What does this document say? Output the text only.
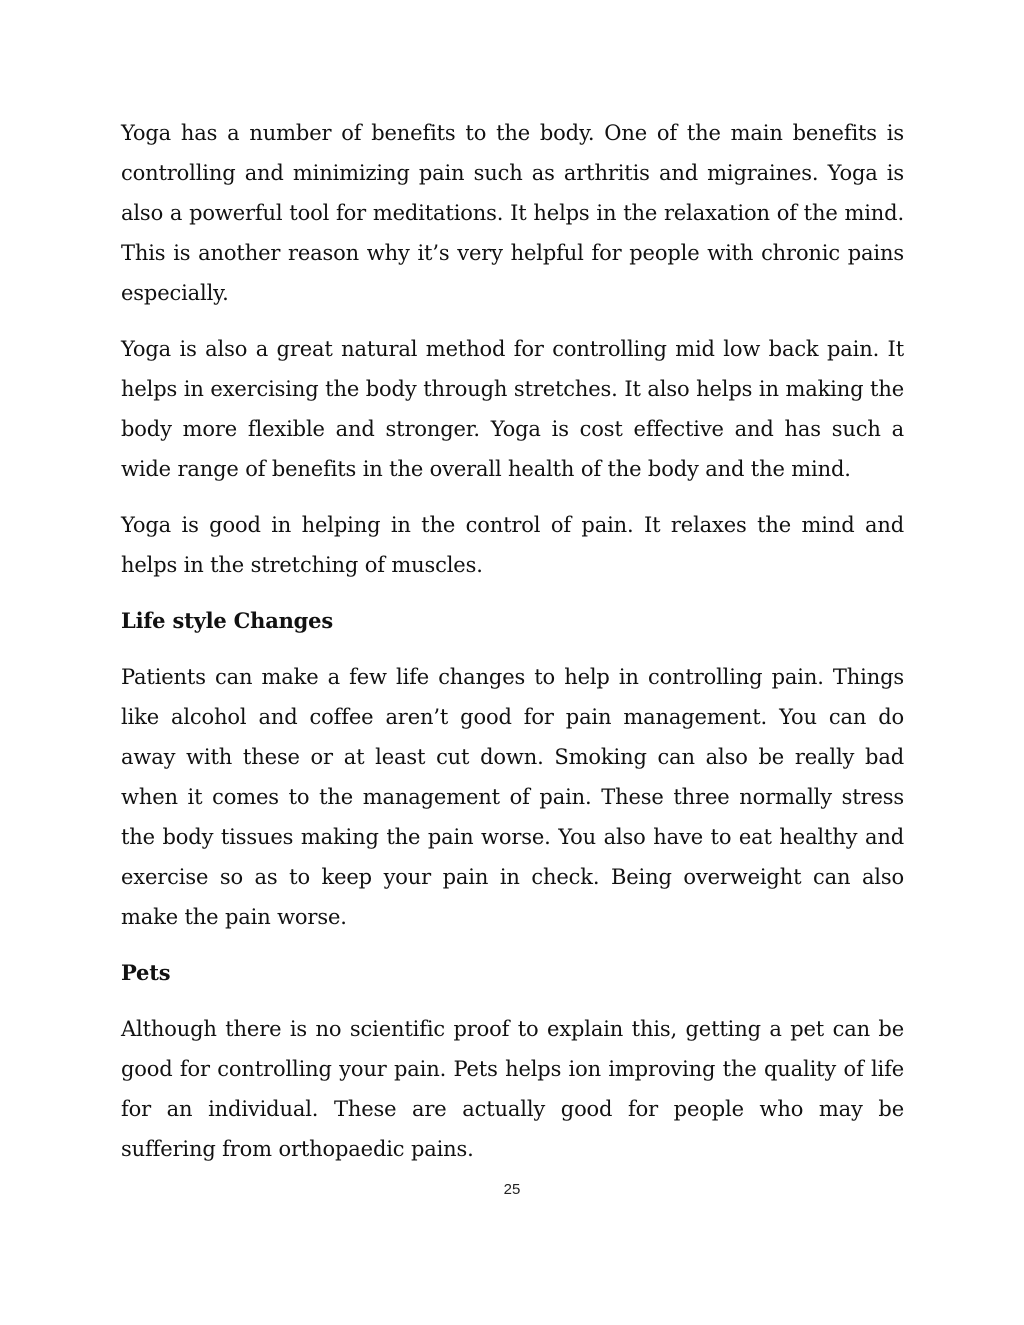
Yoga has a number of benefits to the body. One of the main benefits is controlling and minimizing pain such as arthritis and migraines. Yoga is also a powerful tool for meditations. It helps in the relaxation of the mind. This is another reason why it’s very helpful for people with chronic pains especially.

Yoga is also a great natural method for controlling mid low back pain. It helps in exercising the body through stretches. It also helps in making the body more flexible and stronger. Yoga is cost effective and has such a wide range of benefits in the overall health of the body and the mind.

Yoga is good in helping in the control of pain. It relaxes the mind and helps in the stretching of muscles.

Life style Changes

Patients can make a few life changes to help in controlling pain. Things like alcohol and coffee aren’t good for pain management. You can do away with these or at least cut down. Smoking can also be really bad when it comes to the management of pain. These three normally stress the body tissues making the pain worse. You also have to eat healthy and exercise so as to keep your pain in check. Being overweight can also make the pain worse.

Pets

Although there is no scientific proof to explain this, getting a pet can be good for controlling your pain. Pets helps ion improving the quality of life for an individual. These are actually good for people who may be suffering from orthopaedic pains.

25
